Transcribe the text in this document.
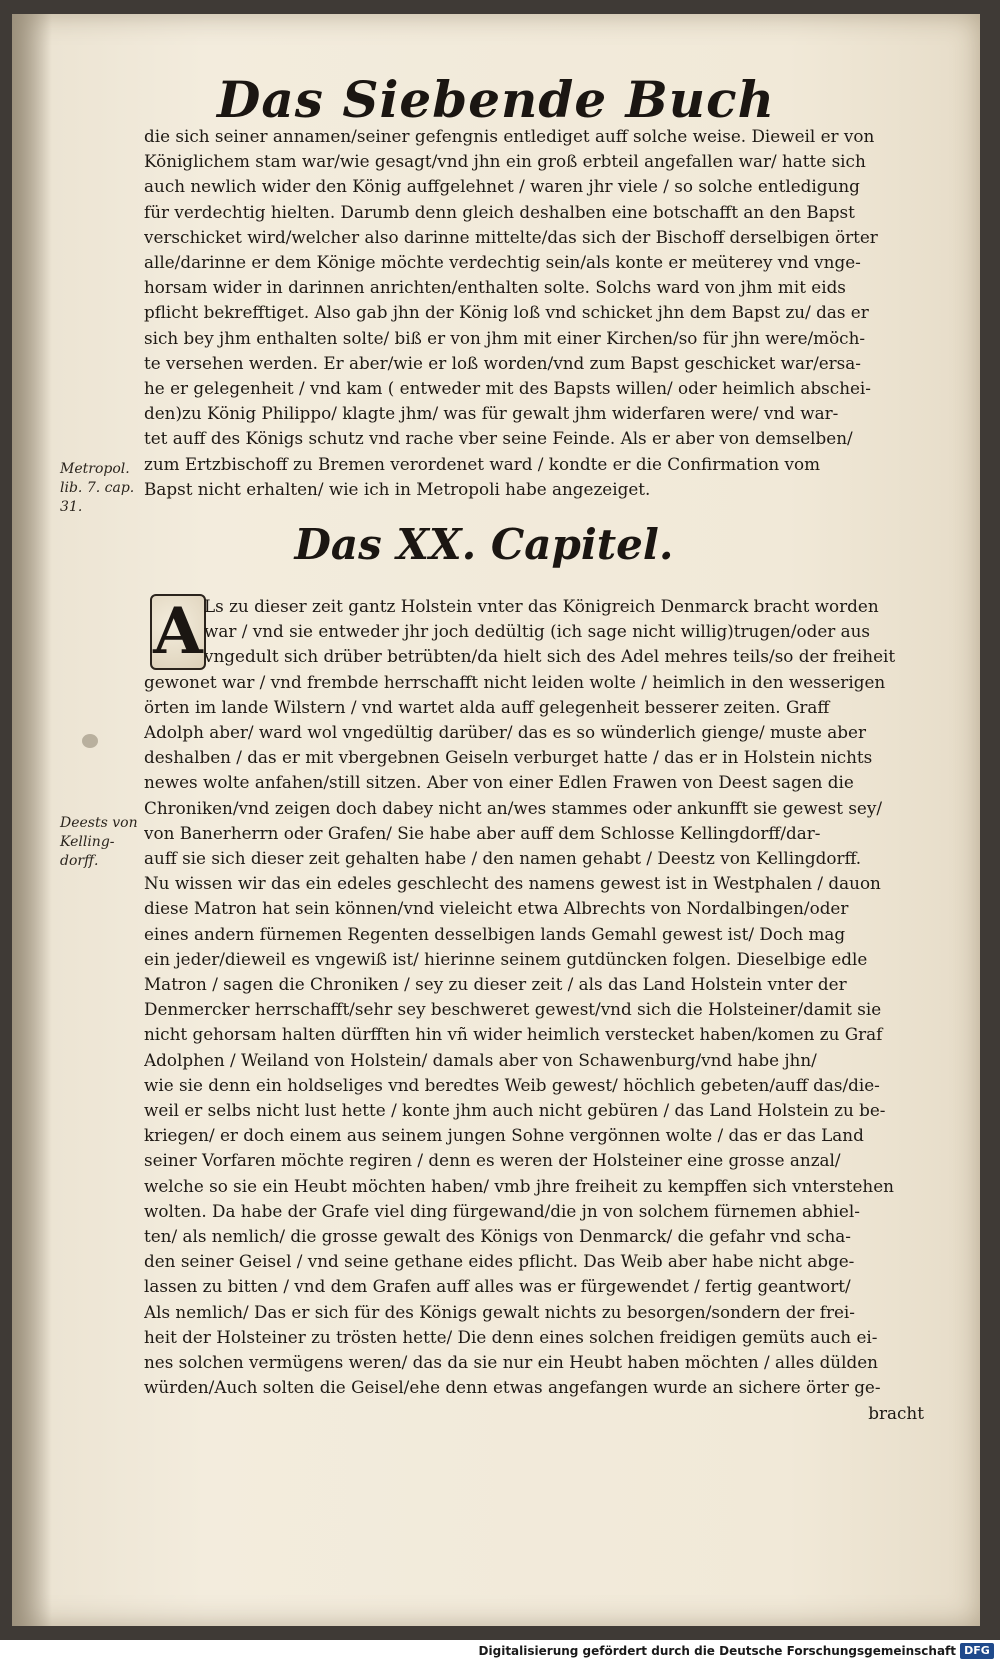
Das Siebende Buch
die sich seiner annamen/seiner gefengnis entlediget auff solche weise. Dieweil er von
Königlichem stam war/wie gesagt/vnd jhn ein groß erbteil angefallen war/ hatte sich
auch newlich wider den König auffgelehnet / waren jhr viele / so solche entledigung
für verdechtig hielten. Darumb denn gleich deshalben eine botschafft an den Bapst
verschicket wird/welcher also darinne mittelte/das sich der Bischoff derselbigen örter
alle/darinne er dem Könige möchte verdechtig sein/als konte er meüterey vnd vnge-
horsam wider in darinnen anrichten/enthalten solte. Solchs ward von jhm mit eids
pflicht bekrefftiget. Also gab jhn der König loß vnd schicket jhn dem Bapst zu/ das er
sich bey jhm enthalten solte/ biß er von jhm mit einer Kirchen/so für jhn were/möch-
te versehen werden. Er aber/wie er loß worden/vnd zum Bapst geschicket war/ersa-
he er gelegenheit / vnd kam ( entweder mit des Bapsts willen/ oder heimlich abschei-
den)zu König Philippo/ klagte jhm/ was für gewalt jhm widerfaren were/ vnd war-
tet auff des Königs schutz vnd rache vber seine Feinde. Als er aber von demselben/
zum Ertzbischoff zu Bremen verordenet ward / kondte er die Confirmation vom
Bapst nicht erhalten/ wie ich in Metropoli habe angezeiget.
Metropol. lib. 7. cap. 31.
Das XX. Capitel.
A Ls zu dieser zeit gantz Holstein vnter das Königreich Denmarck bracht worden
war / vnd sie entweder jhr joch dedültig (ich sage nicht willig)trugen/oder aus
vngedult sich drüber betrübten/da hielt sich des Adel mehres teils/so der freiheit
gewonet war / vnd frembde herrschafft nicht leiden wolte / heimlich in den wesserigen
örten im lande Wilstern / vnd wartet alda auff gelegenheit besserer zeiten. Graff
Adolph aber/ ward wol vngedültig darüber/ das es so wünderlich gienge/ muste aber
deshalben / das er mit vbergebnen Geiseln verburget hatte / das er in Holstein nichts
newes wolte anfahen/still sitzen. Aber von einer Edlen Frawen von Deest sagen die
Chroniken/vnd zeigen doch dabey nicht an/wes stammes oder ankunfft sie gewest sey/
von Banerherrn oder Grafen/ Sie habe aber auff dem Schlosse Kellingdorff/dar-
auff sie sich dieser zeit gehalten habe / den namen gehabt / Deestz von Kellingdorff.
Nu wissen wir das ein edeles geschlecht des namens gewest ist in Westphalen / dauon
diese Matron hat sein können/vnd vieleicht etwa Albrechts von Nordalbingen/oder
eines andern fürnemen Regenten desselbigen lands Gemahl gewest ist/ Doch mag
ein jeder/dieweil es vngewiß ist/ hierinne seinem gutdüncken folgen. Dieselbige edle
Matron / sagen die Chroniken / sey zu dieser zeit / als das Land Holstein vnter der
Denmercker herrschafft/sehr sey beschweret gewest/vnd sich die Holsteiner/damit sie
nicht gehorsam halten dürfften hin vñ wider heimlich verstecket haben/komen zu Graf
Adolphen / Weiland von Holstein/ damals aber von Schawenburg/vnd habe jhn/
wie sie denn ein holdseliges vnd beredtes Weib gewest/ höchlich gebeten/auff das/die-
weil er selbs nicht lust hette / konte jhm auch nicht gebüren / das Land Holstein zu be-
kriegen/ er doch einem aus seinem jungen Sohne vergönnen wolte / das er das Land
seiner Vorfaren möchte regiren / denn es weren der Holsteiner eine grosse anzal/
welche so sie ein Heubt möchten haben/ vmb jhre freiheit zu kempffen sich vnterstehen
wolten. Da habe der Grafe viel ding fürgewand/die jn von solchem fürnemen abhiel-
ten/ als nemlich/ die grosse gewalt des Königs von Denmarck/ die gefahr vnd scha-
den seiner Geisel / vnd seine gethane eides pflicht. Das Weib aber habe nicht abge-
lassen zu bitten / vnd dem Grafen auff alles was er fürgewendet / fertig geantwort/
Als nemlich/ Das er sich für des Königs gewalt nichts zu besorgen/sondern der frei-
heit der Holsteiner zu trösten hette/ Die denn eines solchen freidigen gemüts auch ei-
nes solchen vermügens weren/ das da sie nur ein Heubt haben möchten / alles dülden
würden/Auch solten die Geisel/ehe denn etwas angefangen wurde an sichere örter ge-
bracht
Deests von Kelling-dorff.
Digitalisierung gefördert durch die Deutsche Forschungsgemeinschaft DFG
